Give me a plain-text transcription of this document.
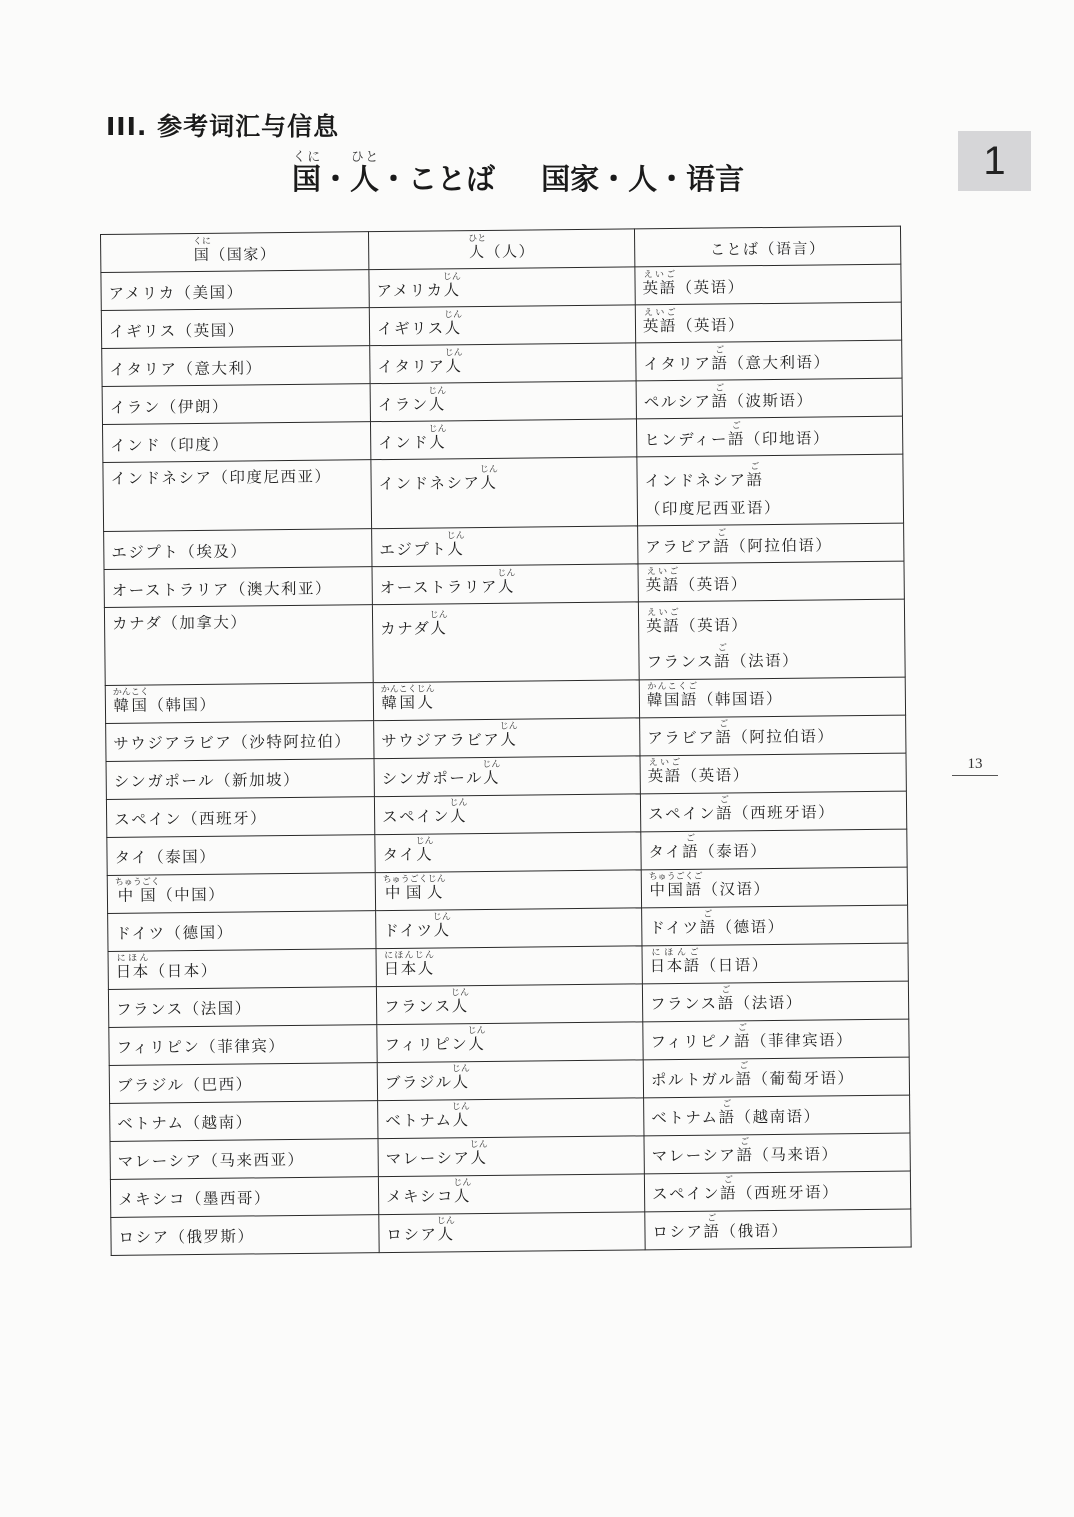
III. 参考词汇与信息
国くに・人ひと・ことば 国家・人・语言	1
13
国くに（国家）	人ひと（人）	ことば（语言）

アメリカ（美国）	アメリカ人じん	英語えいご（英语）

イギリス（英国）	イギリス人じん	英語えいご（英语）

イタリア（意大利）	イタリア人じん	イタリア語ご（意大利语）

イラン（伊朗）	イラン人じん	ペルシア語ご（波斯语）

インド（印度）	インド人じん	ヒンディー語ご（印地语）

インドネシア（印度尼西亚）	インドネシア人じん	インドネシア語ご
（印度尼西亚语）

エジプト（埃及）	エジプト人じん	アラビア語ご（阿拉伯语）

オーストラリア（澳大利亚）	オーストラリア人じん	英語えいご（英语）

カナダ（加拿大）	カナダ人じん	英語えいご（英语）
フランス語ご（法语）

韓国かんこく（韩国）	韓国人かんこくじん	韓国語かんこくご（韩国语）

サウジアラビア（沙特阿拉伯）	サウジアラビア人じん	アラビア語ご（阿拉伯语）

シンガポール（新加坡）	シンガポール人じん	英語えいご（英语）

スペイン（西班牙）	スペイン人じん	スペイン語ご（西班牙语）

タイ（泰国）	タイ人じん	タイ語ご（泰语）

中国ちゅうごく（中国）	中国人ちゅうごくじん	中国語ちゅうごくご（汉语）

ドイツ（德国）	ドイツ人じん	ドイツ語ご（德语）

日本にほん（日本）	日本人にほんじん	日本語にほんご（日语）

フランス（法国）	フランス人じん	フランス語ご（法语）

フィリピン（菲律宾）	フィリピン人じん	フィリピノ語ご（菲律宾语）

ブラジル（巴西）	ブラジル人じん	ポルトガル語ご（葡萄牙语）

ベトナム（越南）	ベトナム人じん	ベトナム語ご（越南语）

マレーシア（马来西亚）	マレーシア人じん	マレーシア語ご（马来语）

メキシコ（墨西哥）	メキシコ人じん	スペイン語ご（西班牙语）

ロシア（俄罗斯）	ロシア人じん	ロシア語ご（俄语）
